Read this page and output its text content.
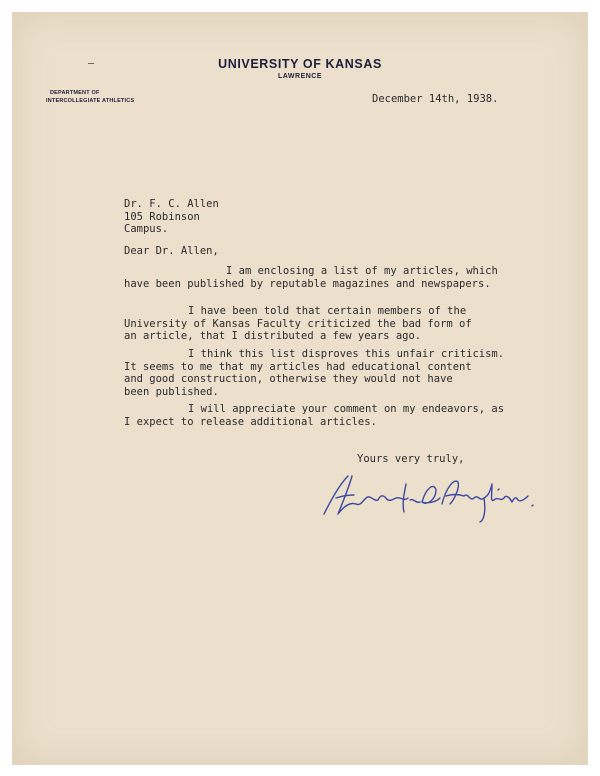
UNIVERSITY OF KANSAS
LAWRENCE
DEPARTMENT OF
INTERCOLLEGIATE ATHLETICS	December 14th, 1938.
Dr. F. C. Allen
105 Robinson
Campus.
Dear Dr. Allen,
I am enclosing a list of my articles, which
have been published by reputable magazines and newspapers.
I have been told that certain members of the
University of Kansas Faculty criticized the bad form of
an article, that I distributed a few years ago.
I think this list disproves this unfair criticism.
It seems to me that my articles had educational content
and good construction, otherwise they would not have
been published.
I will appreciate your comment on my endeavors, as
I expect to release additional articles.
Yours very truly,
